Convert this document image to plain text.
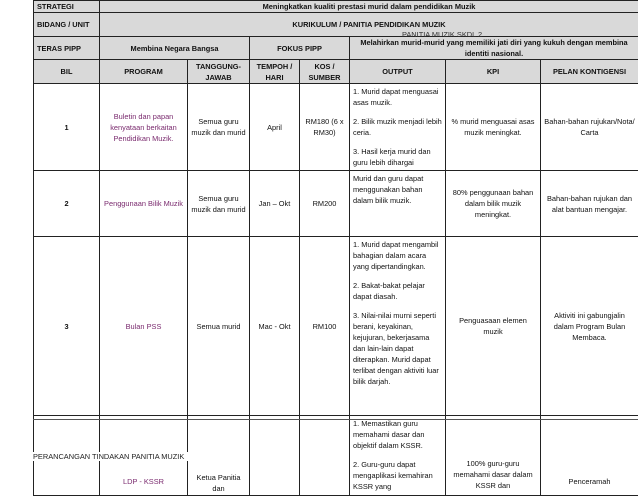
STRATEGI	Meningkatkan kualiti prestasi murid dalam pendidikan Muzik						
BIDANG / UNIT	KURIKULUM / PANITIA PENDIDIKAN MUZIK						
TERAS PIPP	Membina Negara Bangsa		FOKUS PIPP		Melahirkan murid-murid yang memiliki jati diri yang kukuh dengan membina identiti nasional.		
BIL	PROGRAM	TANGGUNG-JAWAB	TEMPOH / HARI	KOS / SUMBER	OUTPUT	KPI	PELAN KONTIGENSI
1	Buletin dan papan kenyataan berkaitan Pendidikan Muzik.	Semua guru muzik dan murid	April	RM180 (6 x RM30)	1. Murid dapat menguasai asas muzik.

2. Bilik muzik menjadi lebih ceria.

3. Hasil kerja murid dan guru lebih dihargai	% murid menguasai asas muzik meningkat.	Bahan-bahan rujukan/Nota/ Carta
2	Penggunaan Bilik Muzik	Semua guru muzik dan murid	Jan – Okt	RM200	Murid dan guru dapat menggunakan bahan dalam bilik muzik.	80% penggunaan bahan dalam bilik muzik meningkat.	Bahan-bahan rujukan dan alat bantuan mengajar.
3	Bulan PSS	Semua murid	Mac - Okt	RM100	1. Murid dapat mengambil bahagian dalam acara yang dipertandingkan.

2. Bakat-bakat pelajar dapat diasah.

3. Nilai-nilai murni seperti berani, keyakinan, kejujuran, bekerjasama dan lain-lain dapat diterapkan. Murid dapat terlibat dengan aktiviti luar bilik darjah.	Penguasaan elemen muzik	Aktiviti ini gabungjalin dalam Program Bulan Membaca.
	LDP - KSSR	Ketua Panitia dan			1. Memastikan guru memahami dasar dan objektif dalam KSSR.

2. Guru-guru dapat mengaplikasi kemahiran KSSR yang	100% guru-guru memahami dasar dalam KSSR dan	Penceramah
PANITIA MUZIK SKDL 2
PERANCANGAN TINDAKAN PANITIA MUZIK
